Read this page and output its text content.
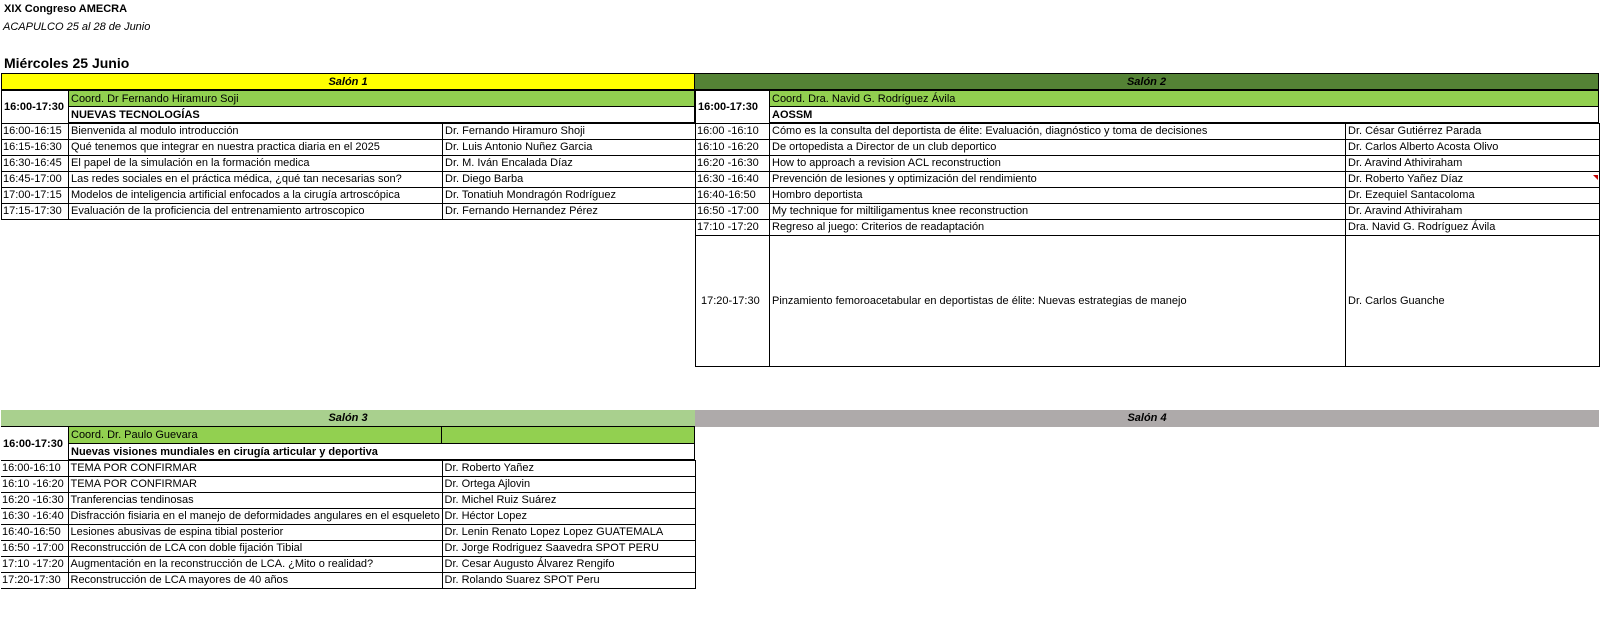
XIX Congreso AMECRA
ACAPULCO 25 al 28 de Junio
Miércoles 25 Junio
Salón 1
16:00-17:30
Coord. Dr Fernando Hiramuro Soji
NUEVAS TECNOLOGÍAS
16:00-16:15	Bienvenida al modulo introducción	Dr. Fernando Hiramuro Shoji
16:15-16:30	Qué tenemos que integrar en nuestra practica diaria en el 2025	Dr. Luis Antonio Nuñez Garcia
16:30-16:45	El papel de la simulación en la formación medica	Dr. M. Iván Encalada Díaz
16:45-17:00	Las redes sociales en el práctica médica, ¿qué tan necesarias son?	Dr. Diego Barba
17:00-17:15	Modelos de inteligencia artificial enfocados a la cirugía artroscópica	Dr. Tonatiuh Mondragón Rodríguez
17:15-17:30	Evaluación de la proficiencia del entrenamiento artroscopico	Dr. Fernando Hernandez Pérez
Salón 2
16:00-17:30
Coord. Dra. Navid G. Rodríguez Ávila
AOSSM
16:00 -16:10	Cómo es la consulta del deportista de élite: Evaluación, diagnóstico y toma de decisiones	Dr. César Gutiérrez Parada
16:10 -16:20	De ortopedista a Director de un club deportico	Dr. Carlos Alberto Acosta Olivo
16:20 -16:30	How to approach a revision ACL reconstruction	Dr. Aravind Athiviraham
16:30 -16:40	Prevención de lesiones y optimización del rendimiento	Dr. Roberto Yañez Díaz
16:40-16:50	Hombro deportista	Dr. Ezequiel Santacoloma
16:50 -17:00	My technique for miltiligamentus knee reconstruction	Dr. Aravind Athiviraham
17:10 -17:20	Regreso al juego: Criterios de readaptación	Dra. Navid G. Rodríguez Ávila
17:20-17:30	Pinzamiento femoroacetabular en deportistas de élite: Nuevas estrategias de manejo	Dr. Carlos Guanche
Salón 3
16:00-17:30
Coord. Dr. Paulo Guevara
Nuevas visiones mundiales en cirugía articular y deportiva
16:00-16:10	TEMA POR CONFIRMAR	Dr. Roberto Yañez
16:10 -16:20	TEMA POR CONFIRMAR	Dr. Ortega Ajlovin
16:20 -16:30	Tranferencias tendinosas	Dr. Michel Ruiz Suárez
16:30 -16:40	Disfracción fisiaria en el manejo de deformidades angulares en el esqueleto	Dr. Héctor Lopez
16:40-16:50	Lesiones abusivas de espina tibial posterior	Dr. Lenin Renato Lopez Lopez GUATEMALA
16:50 -17:00	Reconstrucción de LCA con doble fijación Tibial	Dr. Jorge Rodriguez Saavedra SPOT PERU
17:10 -17:20	Augmentación en la reconstrucción de LCA. ¿Mito o realidad?	Dr. Cesar Augusto Álvarez Rengifo
17:20-17:30	Reconstrucción de LCA mayores de 40 años	Dr. Rolando Suarez SPOT Peru
Salón 4
